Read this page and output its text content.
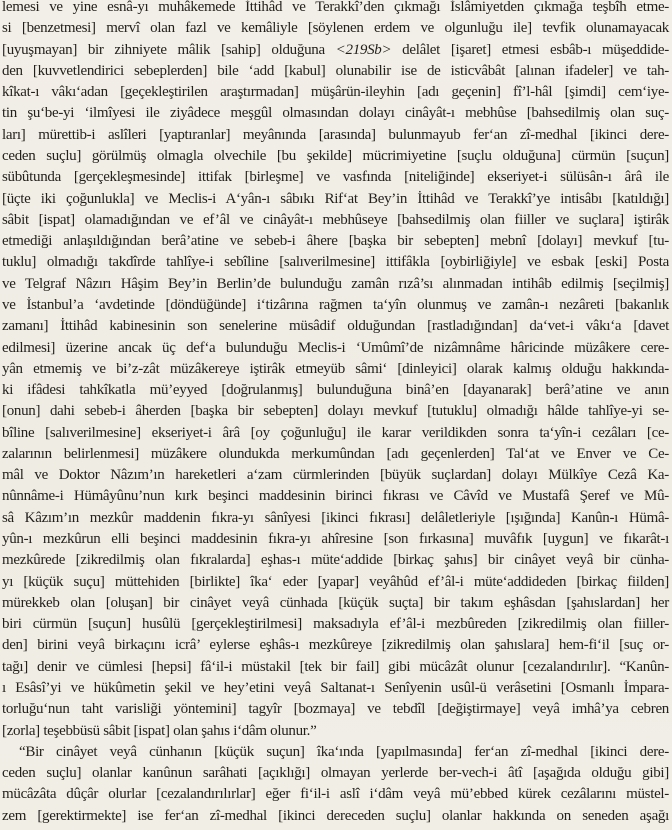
lemesi ve yine esnâ-yı muhâkemede İttihâd ve Terakkî’den çıkmağı İslâmiyetden çıkmağa teşbîh etme-
si [benzetmesi] mervî olan fazl ve kemâliyle [söylenen erdem ve olgunluğu ile] tevfik olunamayacak
[uyuşmayan] bir zihniyete mâlik [sahip] olduğuna <219Sb> delâlet [işaret] etmesi esbâb-ı müşeddide-
den [kuvvetlendirici sebeplerden] bile ‘add [kabul] olunabilir ise de isticvâbât [alınan ifadeler] ve tah-
kîkat-ı vâkı‘adan [geçekleştirilen araştırmadan] müşârün-ileyhin [adı geçenin] fî’l-hâl [şimdi] cem‘iye-
tin şu‘be-yi ‘ilmîyesi ile ziyâdece meşgûl olmasından dolayı cinâyât-ı mebhûse [bahsedilmiş olan suç-
ları] mürettib-i aslîleri [yaptıranlar] meyânında [arasında] bulunmayub fer‘an zî-medhal [ikinci dere-
ceden suçlu] görülmüş olmagla olvechile [bu şekilde] mücrimiyetine [suçlu olduğuna] cürmün [suçun]
sübûtunda [gerçekleşmesinde] ittifak [birleşme] ve vasfında [niteliğinde] ekseriyet-i sülüsân-ı ârâ ile
[üçte iki çoğunlukla] ve Meclis-i A‘yân-ı sâbıkı Rif‘at Bey’in İttihâd ve Terakkî’ye intisâbı [katıldığı]
sâbit [ispat] olamadığından ve ef’âl ve cinâyât-ı mebhûseye [bahsedilmiş olan fiiller ve suçlara] iştirâk
etmediği anlaşıldığından berâ’atine ve sebeb-i âhere [başka bir sebepten] mebnî [dolayı] mevkuf [tu-
tuklu] olmadığı takdîrde tahlîye-i sebîline [salıverilmesine] ittifâkla [oybirliğiyle] ve esbak [eski] Posta
ve Telgraf Nâzırı Hâşim Bey’in Berlin’de bulunduğu zamân rızâ’sı alınmadan intihâb edilmiş [seçilmiş]
ve İstanbul’a ‘avdetinde [döndüğünde] i‘tizârına rağmen ta‘yîn olunmuş ve zamân-ı nezâreti [bakanlık
zamanı] İttihâd kabinesinin son senelerine müsâdif olduğundan [rastladığından] da‘vet-i vâkı‘a [davet
edilmesi] üzerine ancak üç def‘a bulunduğu Meclis-i ‘Umûmî’de nizâmnâme hâricinde müzâkere cere-
yân etmemiş ve bi’z-zât müzâkereye iştirâk etmeyüb sâmi‘ [dinleyici] olarak kalmış olduğu hakkında-
ki ifâdesi tahkîkatla mü’eyyed [doğrulanmış] bulunduğuna binâ’en [dayanarak] berâ’atine ve anın
[onun] dahi sebeb-i âherden [başka bir sebepten] dolayı mevkuf [tutuklu] olmadığı hâlde tahlîye-yi se-
bîline [salıverilmesine] ekseriyet-i ârâ [oy çoğunluğu] ile karar verildikden sonra ta‘yîn-i cezâları [ce-
zalarının belirlenmesi] müzâkere olundukda merkumûndan [adı geçenlerden] Tal‘at ve Enver ve Ce-
mâl ve Doktor Nâzım’ın hareketleri a‘zam cürmlerinden [büyük suçlardan] dolayı Mülkîye Cezâ Ka-
nûnnâme-i Hümâyûnu’nun kırk beşinci maddesinin birinci fıkrası ve Câvîd ve Mustafâ Şeref ve Mû-
sâ Kâzım’ın mezkûr maddenin fıkra-yı sânîyesi [ikinci fıkrası] delâletleriyle [ışığında] Kanûn-ı Hümâ-
yûn-ı mezkûrun elli beşinci maddesinin fıkra-yı ahîresine [son fırkasına] muvâfık [uygun] ve fıkarât-ı
mezkûrede [zikredilmiş olan fıkralarda] eşhas-ı müte‘addide [birkaç şahıs] bir cinâyet veyâ bir cünha-
yı [küçük suçu] müttehiden [birlikte] îka‘ eder [yapar] veyâhûd ef’âl-i müte‘addideden [birkaç fiilden]
mürekkeb olan [oluşan] bir cinâyet veyâ cünhada [küçük suçta] bir takım eşhâsdan [şahıslardan] her
biri cürmün [suçun] husûlü [gerçekleştirilmesi] maksadıyla ef’âl-i mezbûreden [zikredilmiş olan fiiller-
den] birini veyâ birkaçını icrâ’ eylerse eşhâs-ı mezkûreye [zikredilmiş olan şahıslara] hem-fi‘il [suç or-
tağı] denir ve cümlesi [hepsi] fâ‘il-i müstakil [tek bir fail] gibi mücâzât olunur [cezalandırılır]. “Kanûn-
ı Esâsî’yi ve hükûmetin şekil ve hey’etini veyâ Saltanat-ı Senîyenin usûl-ü verâsetini [Osmanlı İmpara-
torluğu‘nun taht varisliği yöntemini] tagyîr [bozmaya] ve tebdîl [değiştirmaye] veyâ imhâ’ya cebren
[zorla] teşebbüsü sâbit [ispat] olan şahıs i‘dâm olunur.”
“Bir cinâyet veyâ cünhanın [küçük suçun] îka‘ında [yapılmasında] fer‘an zî-medhal [ikinci dere-
ceden suçlu] olanlar kanûnun sarâhati [açıklığı] olmayan yerlerde ber-vech-i âtî [aşağıda olduğu gibi]
mücâzâta dûçâr olurlar [cezalandırılırlar] eğer fi‘il-i aslî i‘dâm veyâ mü’ebbed kürek cezâlarını müstel-
zem [gerektirmekte] ise fer‘an zî-medhal [ikinci dereceden suçlu] olanlar hakkında on seneden aşağı
